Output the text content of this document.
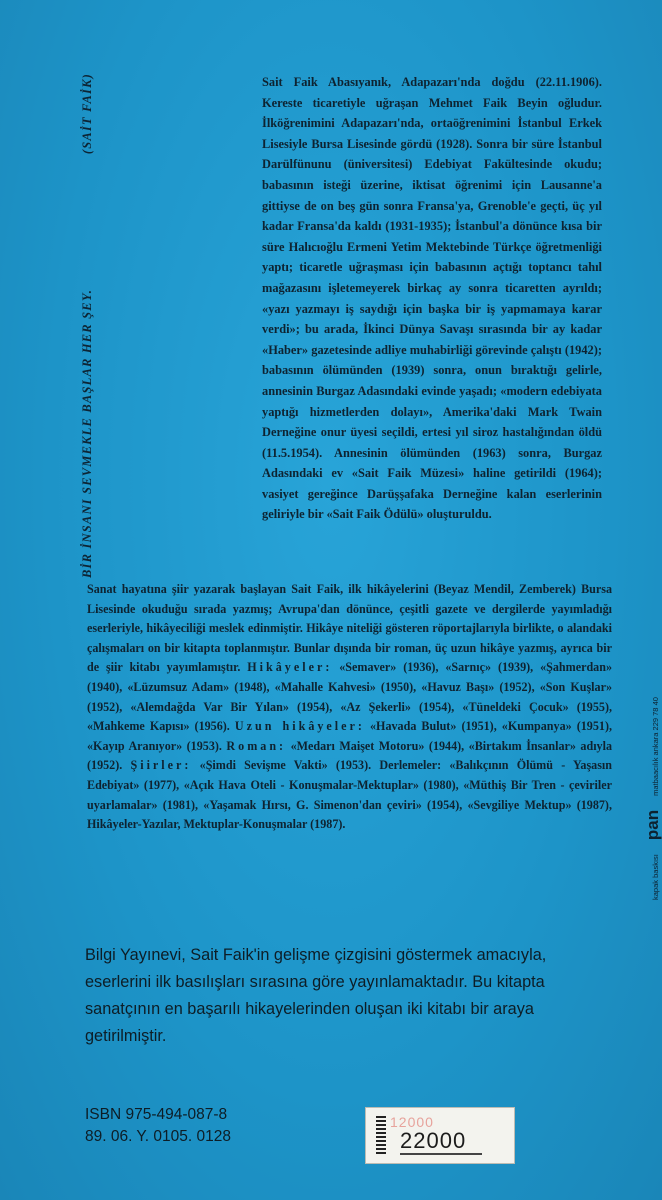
BİR İNSANI SEVMEKLE BAŞLAR HER ŞEY.
(SAİT FAİK)	Sait Faik Abasıyanık, Adapazarı'nda doğdu (22.11.1906). Kereste ticaretiyle uğraşan Mehmet Faik Beyin oğludur. İlköğrenimini Adapazarı'nda, ortaöğrenimini İstanbul Erkek Lisesiyle Bursa Lisesinde gördü (1928). Sonra bir süre İstanbul Darülfünunu (üniversitesi) Edebiyat Fakültesinde okudu; babasının isteği üzerine, iktisat öğrenimi için Lausanne'a gittiyse de on beş gün sonra Fransa'ya, Grenoble'e geçti, üç yıl kadar Fransa'da kaldı (1931-1935); İstanbul'a dönünce kısa bir süre Halıcıoğlu Ermeni Yetim Mektebinde Türkçe öğretmenliği yaptı; ticaretle uğraşması için babasının açtığı toptancı tahıl mağazasını işletemeyerek birkaç ay sonra ticaretten ayrıldı; «yazı yazmayı iş saydığı için başka bir iş yapmamaya karar verdi»; bu arada, İkinci Dünya Savaşı sırasında bir ay kadar «Haber» gazetesinde adliye muhabirliği görevinde çalıştı (1942); babasının ölümünden (1939) sonra, onun bıraktığı gelirle, annesinin Burgaz Adasındaki evinde yaşadı; «modern edebiyata yaptığı hizmetlerden dolayı», Amerika'daki Mark Twain Derneğine onur üyesi seçildi, ertesi yıl siroz hastalığından öldü (11.5.1954). Annesinin ölümünden (1963) sonra, Burgaz Adasındaki ev «Sait Faik Müzesi» haline getirildi (1964); vasiyet gereğince Darüşşafaka Derneğine kalan eserlerinin geliriyle bir «Sait Faik Ödülü» oluşturuldu.

Sanat hayatına şiir yazarak başlayan Sait Faik, ilk hikâyelerini (Beyaz Mendil, Zemberek) Bursa Lisesinde okuduğu sırada yazmış; Avrupa'dan dönünce, çeşitli gazete ve dergilerde yayımladığı eserleriyle, hikâyeciliği meslek edinmiştir. Hikâye niteliği gösteren röportajlarıyla birlikte, o alandaki çalışmaları on bir kitapta toplanmıştır. Bunlar dışında bir roman, üç uzun hikâye yazmış, ayrıca bir de şiir kitabı yayımlamıştır. Hikâyeler: «Semaver» (1936), «Sarnıç» (1939), «Şahmerdan» (1940), «Lüzumsuz Adam» (1948), «Mahalle Kahvesi» (1950), «Havuz Başı» (1952), «Son Kuşlar» (1952), «Alemdağda Var Bir Yılan» (1954), «Az Şekerli» (1954), «Tüneldeki Çocuk» (1955), «Mahkeme Kapısı» (1956). Uzun hikâyeler: «Havada Bulut» (1951), «Kumpanya» (1951), «Kayıp Aranıyor» (1953). Roman: «Medarı Maişet Motoru» (1944), «Birtakım İnsanlar» adıyla (1952). Şiirler: «Şimdi Sevişme Vakti» (1953). Derlemeler: «Balıkçının Ölümü - Yaşasın Edebiyat» (1977), «Açık Hava Oteli - Konuşmalar-Mektuplar» (1980), «Müthiş Bir Tren - çeviriler uyarlamalar» (1981), «Yaşamak Hırsı, G. Simenon'dan çeviri» (1954), «Sevgiliye Mektup» (1987), Hikâyeler-Yazılar, Mektuplar-Konuşmalar (1987).

Bilgi Yayınevi, Sait Faik'in gelişme çizgisini göstermek amacıyla, eserlerini ilk basılışları sırasına göre yayınlamaktadır. Bu kitapta sanatçının en başarılı hikayelerinden oluşan iki kitabı bir araya getirilmiştir.
kapak baskısı
pan
matbaacılık ankara 229 78 40
ISBN 975-494-087-8
89. 06. Y. 0105. 0128
12000
22000
